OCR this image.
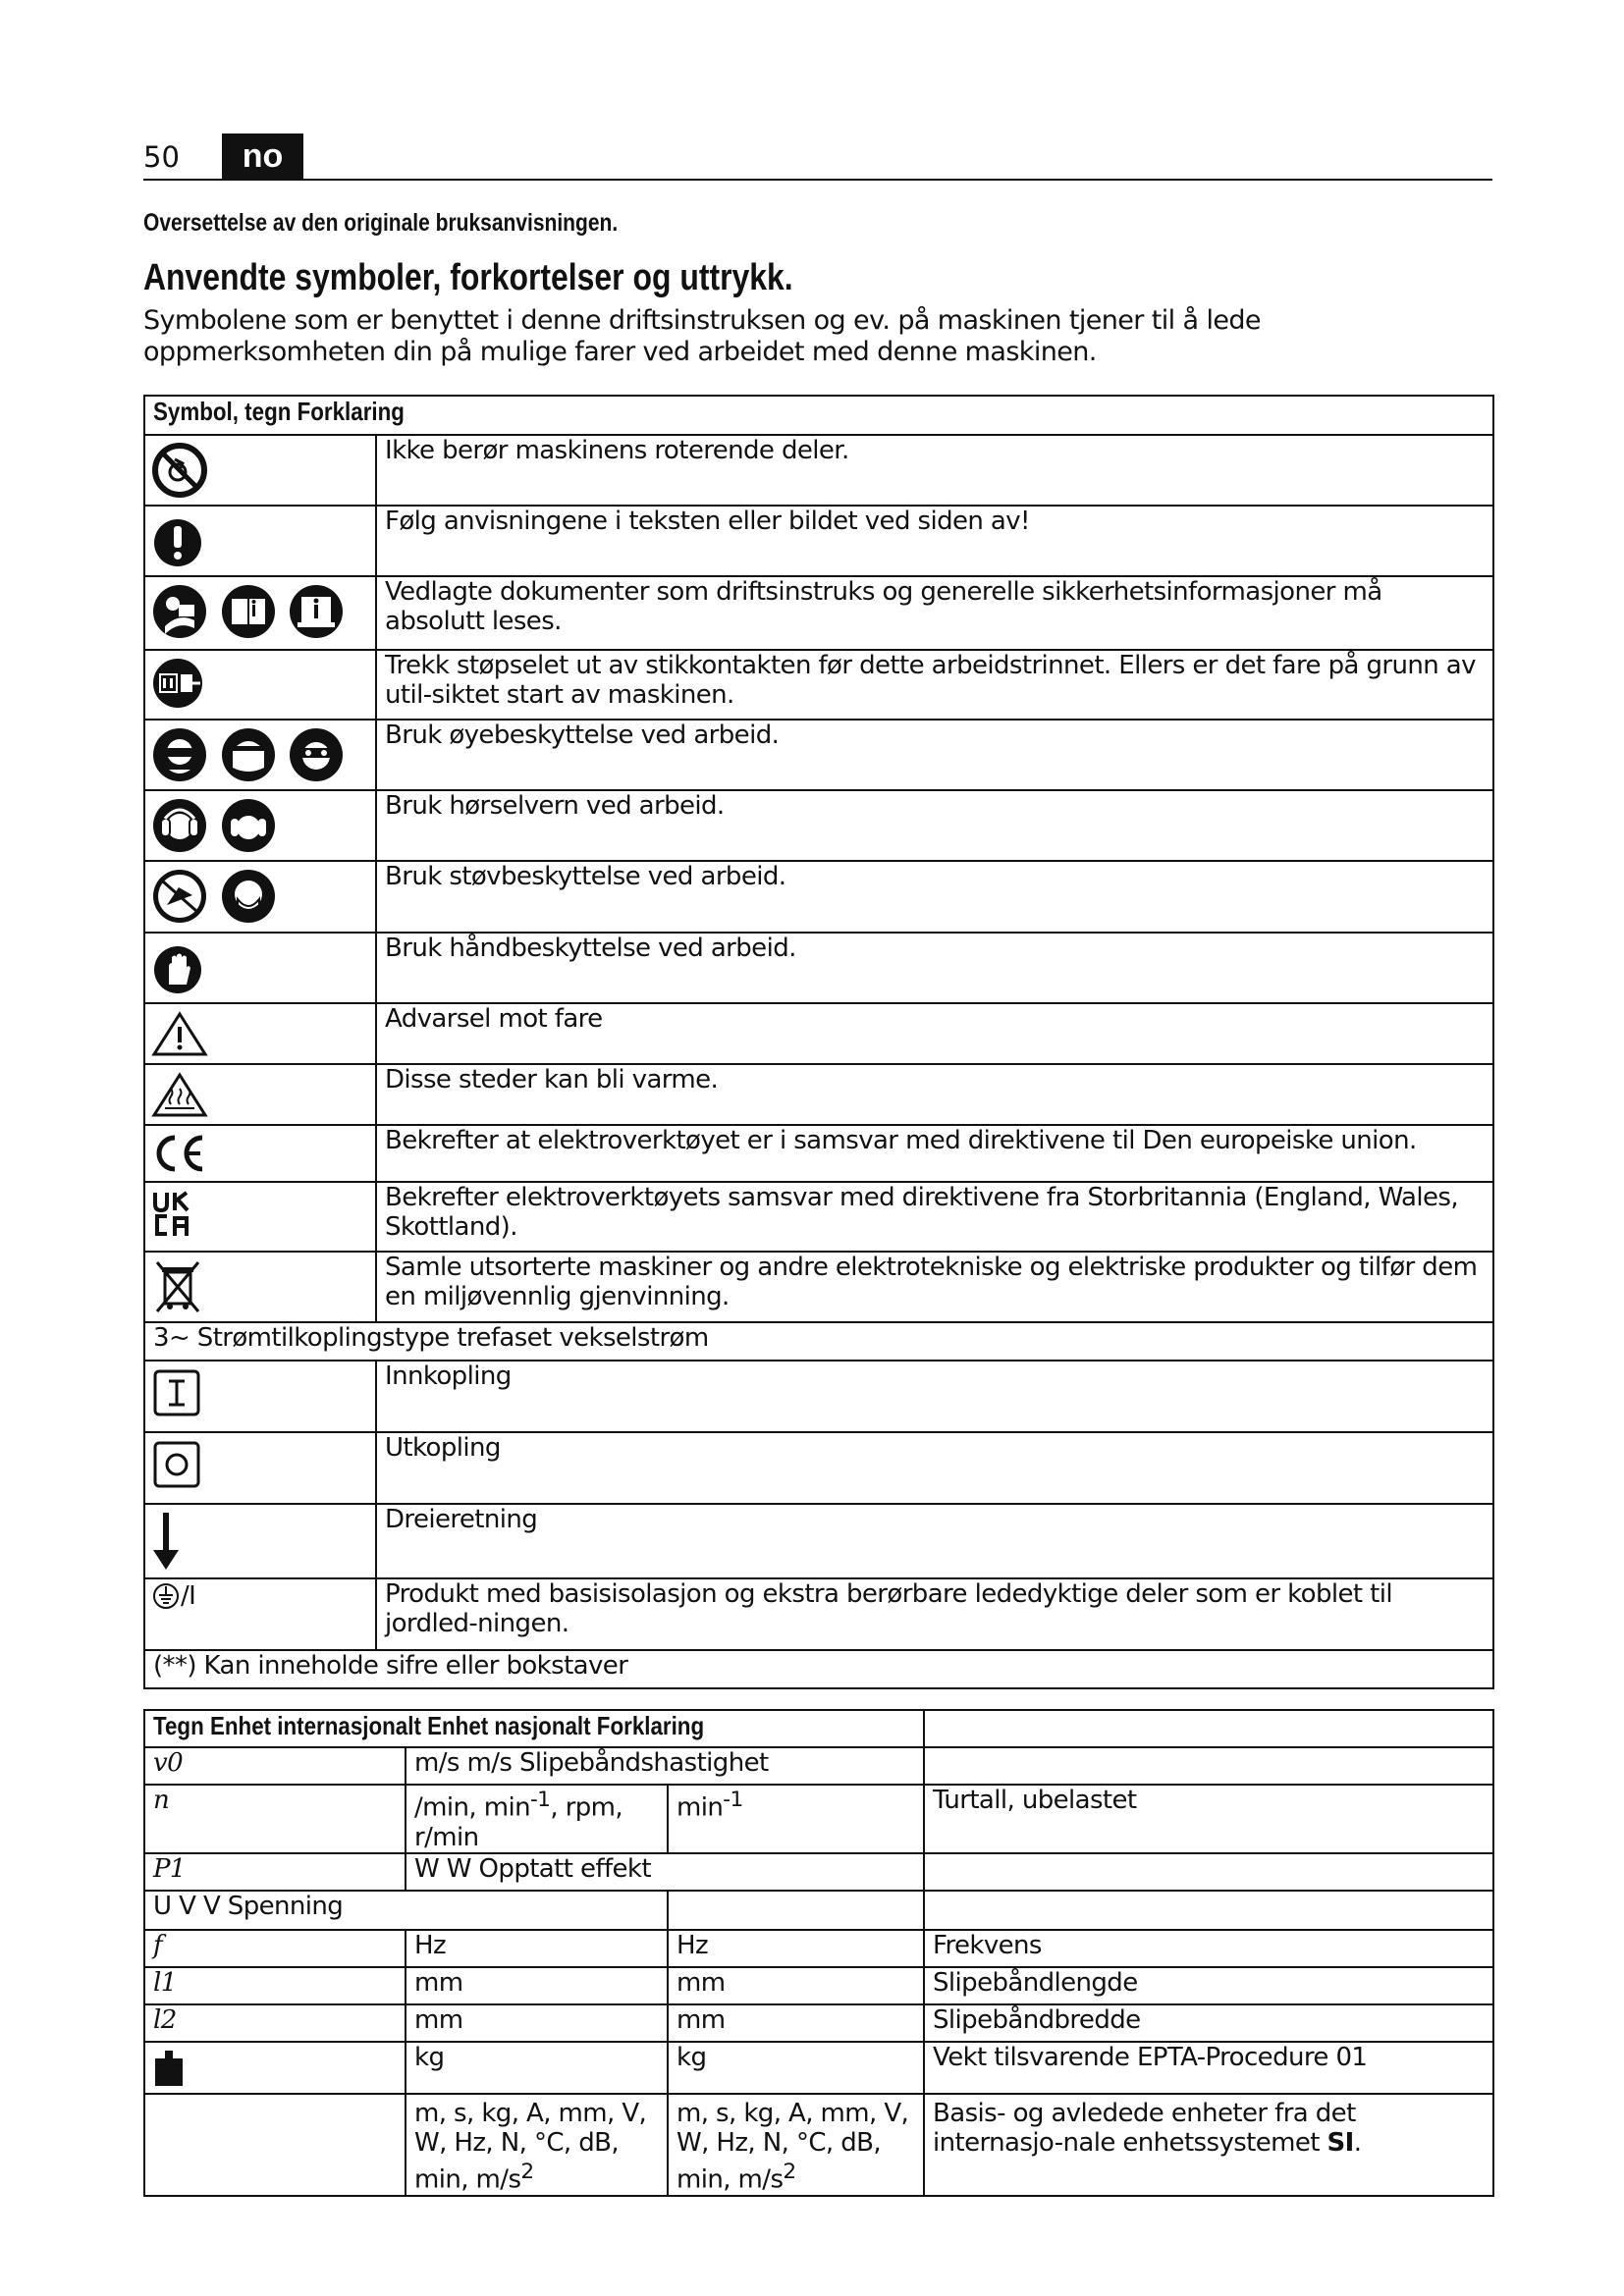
50	no
Oversettelse av den originale bruksanvisningen.
Anvendte symboler, forkortelser og uttrykk.
Symbolene som er benyttet i denne driftsinstruksen og ev. på maskinen tjener til å lede oppmerksomheten din på mulige farer ved arbeidet med denne maskinen.
Symbol, tegn Forklaring	
	Ikke berør maskinens roterende deler.
	Følg anvisningene i teksten eller bildet ved siden av!
	Vedlagte dokumenter som driftsinstruks og generelle sikkerhetsinformasjoner må absolutt leses.
	Trekk støpselet ut av stikkontakten før dette arbeidstrinnet. Ellers er det fare på grunn av util-siktet start av maskinen.
	Bruk øyebeskyttelse ved arbeid.
	Bruk hørselvern ved arbeid.
	Bruk støvbeskyttelse ved arbeid.
	Bruk håndbeskyttelse ved arbeid.
	Advarsel mot fare
	Disse steder kan bli varme.
	Bekrefter at elektroverktøyet er i samsvar med direktivene til Den europeiske union.
	Bekrefter elektroverktøyets samsvar med direktivene fra Storbritannia (England, Wales, Skottland).
	Samle utsorterte maskiner og andre elektrotekniske og elektriske produkter og tilfør dem en miljøvennlig gjenvinning.
3~ Strømtilkoplingstype trefaset vekselstrøm	
	Innkopling
	Utkopling
	Dreieretning
/I	Produkt med basisisolasjon og ekstra berørbare lededyktige deler som er koblet til jordled-ningen.
(**) Kan inneholde sifre eller bokstaver	
Tegn Enhet internasjonalt Enhet nasjonalt Forklaring			
v0	m/s m/s Slipebåndshastighet		
n	/min, $\min^{-1}$, rpm, r/min	$\min^{-1}$	Turtall, ubelastet
P1	W W Opptatt effekt		
U V V Spenning			
f	Hz	Hz	Frekvens
l1	mm	mm	Slipebåndlengde
l2	mm	mm	Slipebåndbredde
	kg	kg	Vekt tilsvarende EPTA-Procedure 01
	m, s, kg, A, mm, V, W, Hz, N, °C, dB, min, $m/s^2$	m, s, kg, A, mm, V, W, Hz, N, °C, dB, min, $m/s^2$	Basis- og avledede enheter fra det internasjo-nale enhetssystemet SI.
